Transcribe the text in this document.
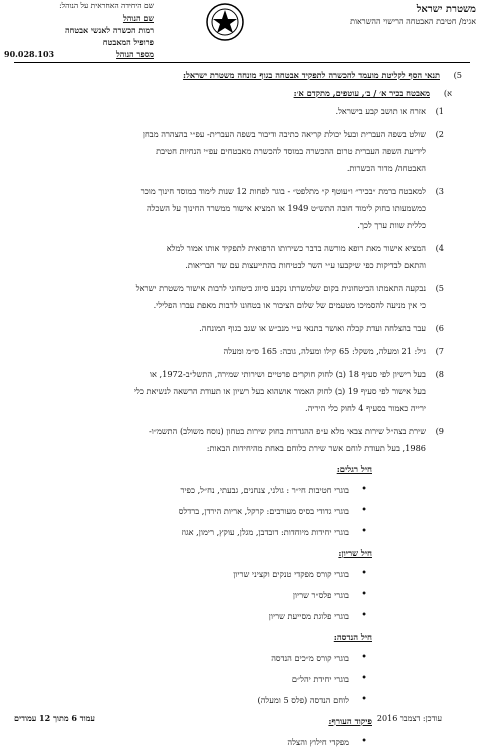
משטרת ישראל
אגימ/ חטיבת האבטחה הרישוי ההשראות
שם היחידה האחראית על הנוהל:
שם הנוהל
רמות הכשרה לאנשי אבטחה
פרופיל המאבטח
מספר הנוהל
90.028.103
5)
תנאי הסף לקליטת מועמד להכשרה לתפקיד אבטחה בגוף מונחה משטרת ישראל:
א)
מאבטח בכיר א׳ / ב׳, עוטפים, מתקדם א׳:
1)
אזרח או תושב קבע בישראל.
2)
שולט בשפה העברית ובעל יכולת קריאה כתיבה ודיבור בשפה העברית- עפ״י בהצהרה מבחן
לידיעת השפה העברית טרום ההכשרה במוסד להכשרת מאבטחים עפ״י הנחיות חטיבת
האבטחה/ מדור הכשרות.
3)
למאבטח ברמת ״בכיר״ ו״עוטף ק״ מתלפט״ - בוגר לפחות 12 שנות לימוד במוסד חינוך מוכר
כמשמעותו בחוק לימוד חובה התש״ט 1949 או המציא אישור ממשרד החינוך על השכלה
כללית שוות ערך לכך.
4)
המציא אישור מאת רופא מורשה בדבר כשירותו הרפואית לתפקיד אותו אמור למלא
והתאם לבדיקות כפי שיקבעו ע״י השר לבטיחות בהתייעצות עם שר הבריאות.
5)
נבקעה התאמתו הביטחונית בקום שלמשרתו נקבע סיווג ביטחוני לרבות אישור משטרת ישראל
כי אין מניעה להסמיכו מטעמים של שלום הציבור או בטחונו לרבות מאפת עברו הפלילי.
6)
עבר בהצלחה ועדת קבלה ואושר בתנאי ע״י מנב״ש או שגב בגוף המונחה.
7)
גיל: 21 ומעלה, משקל: 65 קילו ומעלה, גובה: 165 ס״מ ומעלה
8)
בעל רישיון לפי סעיף 18 (ב) לחוק חוקרים פרטיים ושירותי שמירה, התשל״ב-1972, או
בעל אישור לפי סעיף 19 (ב) לחוק האמור אושהוא בעל רשיון או תעודת הרשאה לנשיאת כלי
ירייה כאמור בסעיף 4 לחוק כלי היריה.
9)
שירת בצה״ל שירות צבאי מלא ע״פ ההגדרות בחוק שירות בטחון (נוסח משולב) התשמ״ו-
1986, בעל תעודת לוחם אשר שירת כלוחם באחת מהיחידות הבאות:
חיל רגלים:
•
בוגרי חטיבות חי״ר : גולני, צנחנים, גבעתי, נח״ל, כפיר
•
בוגרי גדודי בסיס מעורבים: קרקל, אריות הירדן, ברדלס
•
בוגרי יחידות מיוחדות: דובדבן, מגלן, עוקץ, רימון, אגוז
חיל שריון:
•
בוגרי קורס מפקדי טנקים וקציני שריון
•
בוגרי פלס״ר שריון
•
בוגרי פלוגת מסייעת שריון
חיל הנדסה:
•
בוגרי קורס מ״כים הנדסה
•
בוגרי יחידת יהל״ם
•
לוחם הנדסה (פלס 5 ומעלה)
פיקוד העורף:
•
מפקדי חילוץ והצלה
עודכן: דצמבר 2016
עמוד 6 מתוך 12 עמודים
